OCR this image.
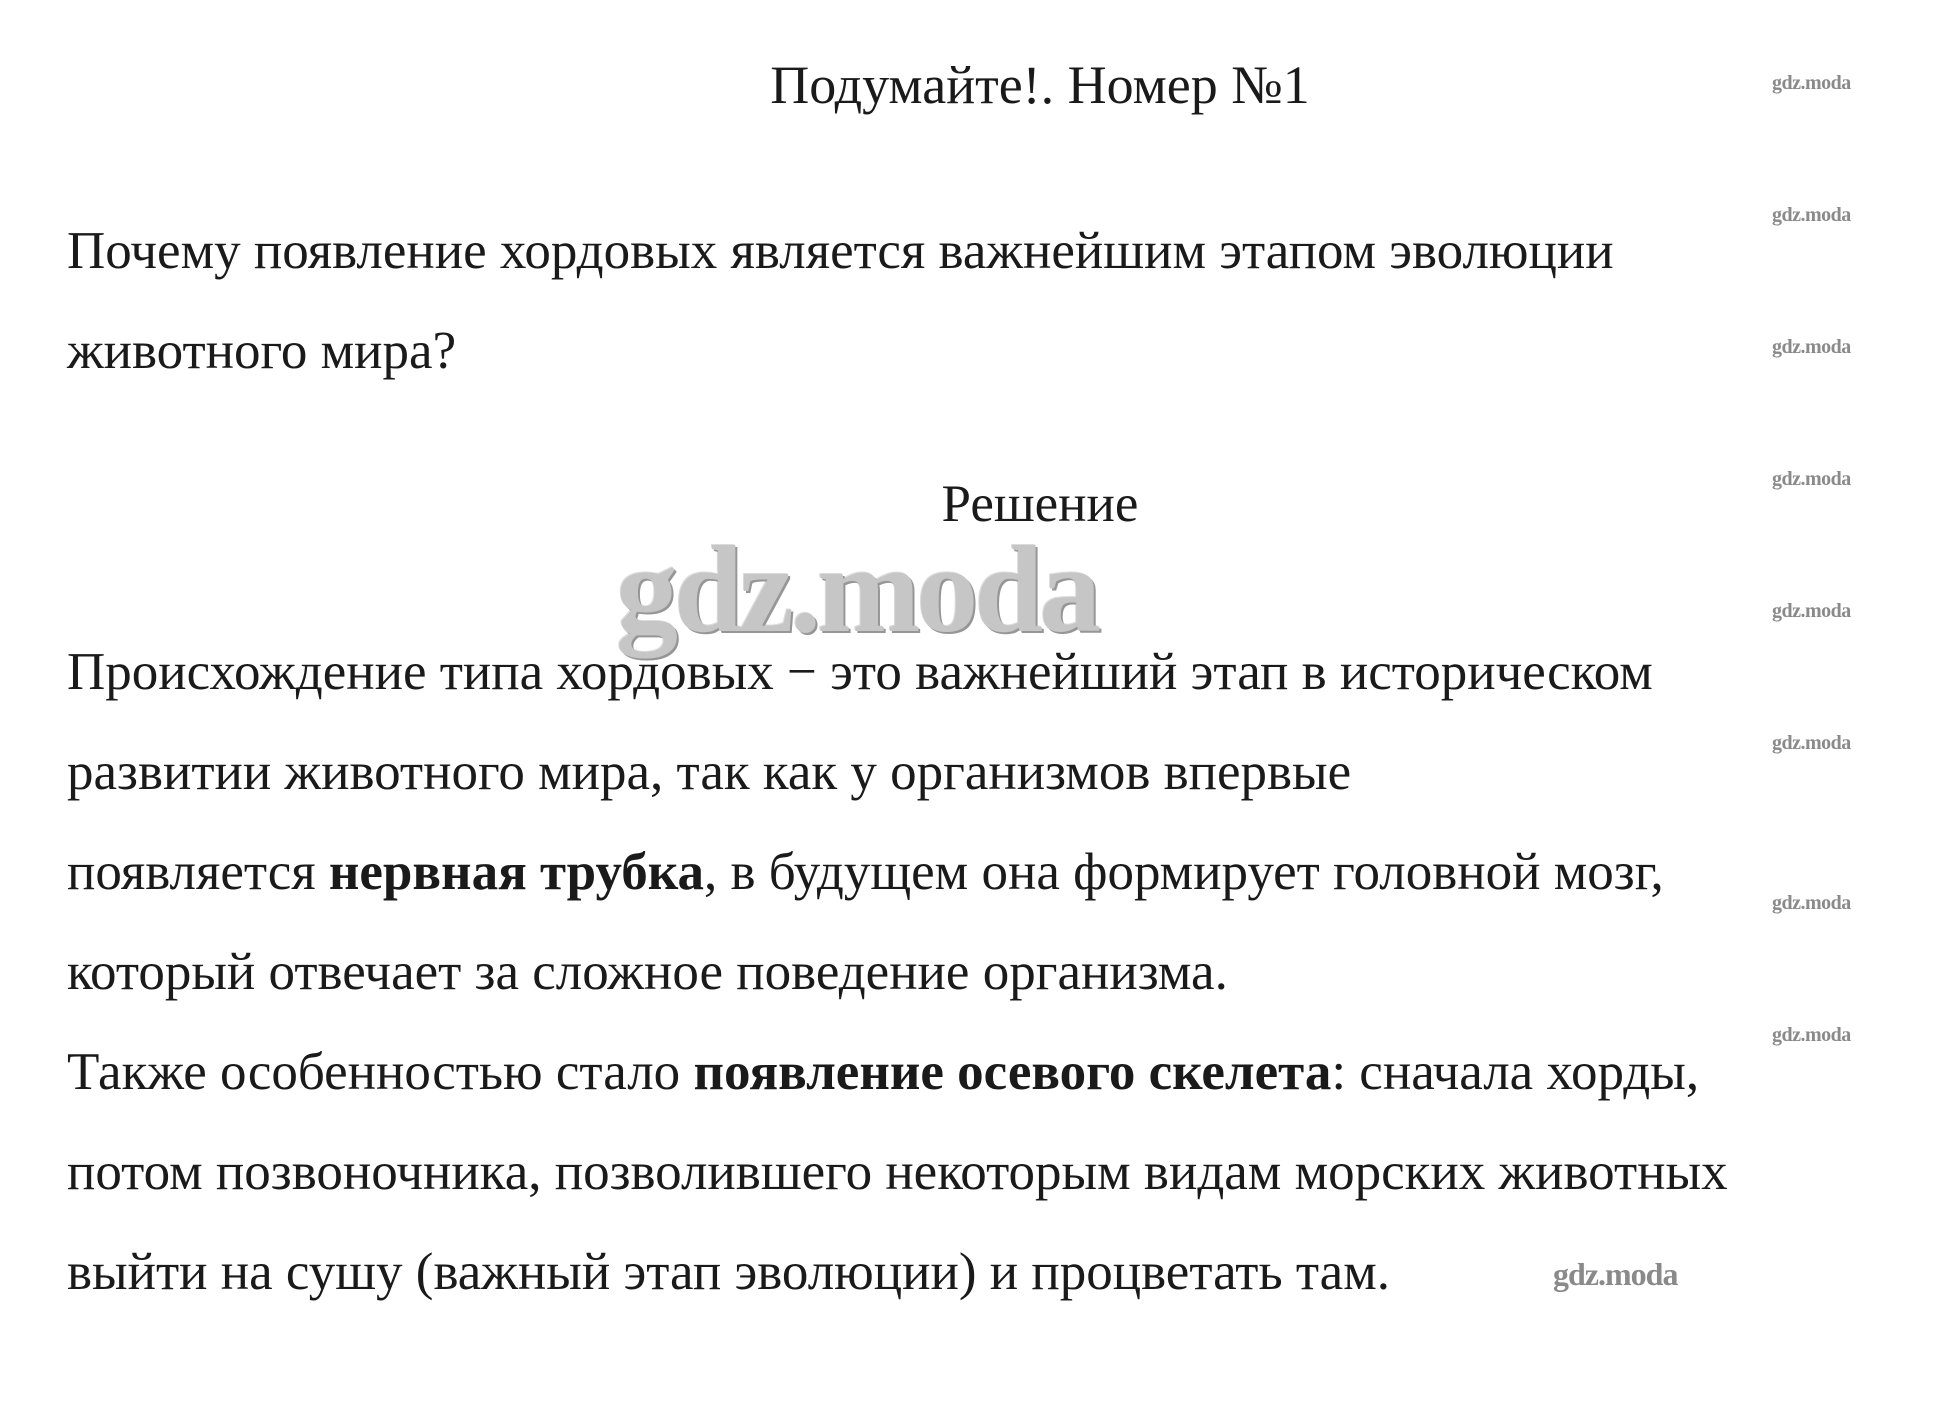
Подумайте!. Номер №1
Почему появление хордовых является важнейшим этапом эволюции
животного мира?
Решение
gdz.moda
Происхождение типа хордовых − это важнейший этап в историческом
развитии животного мира, так как у организмов впервые
появляется нервная трубка, в будущем она формирует головной мозг,
который отвечает за сложное поведение организма.
Также особенностью стало появление осевого скелета: сначала хорды,
потом позвоночника, позволившего некоторым видам морских животных
выйти на сушу (важный этап эволюции) и процветать там.
gdz.moda
gdz.moda
gdz.moda
gdz.moda
gdz.moda
gdz.moda
gdz.moda
gdz.moda
gdz.moda
